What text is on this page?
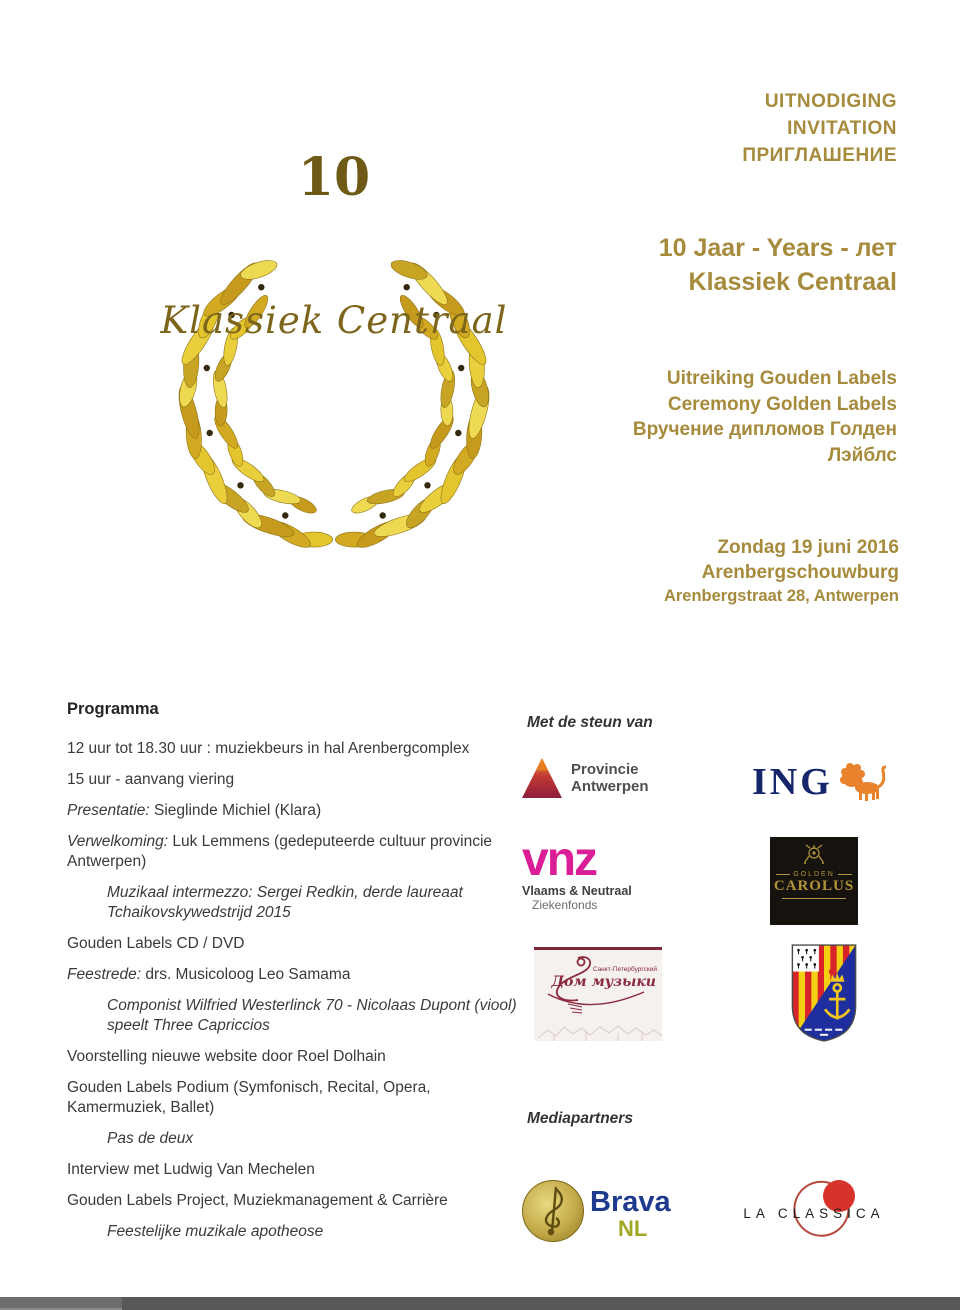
UITNODIGING
INVITATION
ПРИГЛАШЕНИЕ
10
Klassiek Centraal
10 Jaar - Years - лет
Klassiek Centraal
Uitreiking Gouden Labels
Ceremony Golden Labels
Вручение дипломов Голден
Лэйблс
Zondag 19 juni 2016
Arenbergschouwburg
Arenbergstraat 28, Antwerpen
Programma
12 uur tot 18.30 uur : muziekbeurs in hal Arenbergcomplex
15 uur - aanvang viering
Presentatie: Sieglinde Michiel (Klara)
Verwelkoming: Luk Lemmens (gedeputeerde cultuur provincie Antwerpen)
Muzikaal intermezzo: Sergei Redkin, derde laureaat Tchaikovskywedstrijd 2015
Gouden Labels CD / DVD
Feestrede: drs. Musicoloog Leo Samama
Componist Wilfried Westerlinck 70 - Nicolaas Dupont (viool) speelt Three Capriccios
Voorstelling nieuwe website door Roel Dolhain
Gouden Labels Podium (Symfonisch, Recital, Opera, Kamermuziek, Ballet)
Pas de deux
Interview met Ludwig Van Mechelen
Gouden Labels Project, Muziekmanagement & Carrière
Feestelijke muzikale apotheose
Met de steun van
Provincie
Antwerpen	ING
vnz
Vlaams & Neutraal
Ziekenfonds
GOLDEN
CAROLUS
Санкт-Петербургский
Дом музыки
Mediapartners
Brava
NL
LA CLASSICA
